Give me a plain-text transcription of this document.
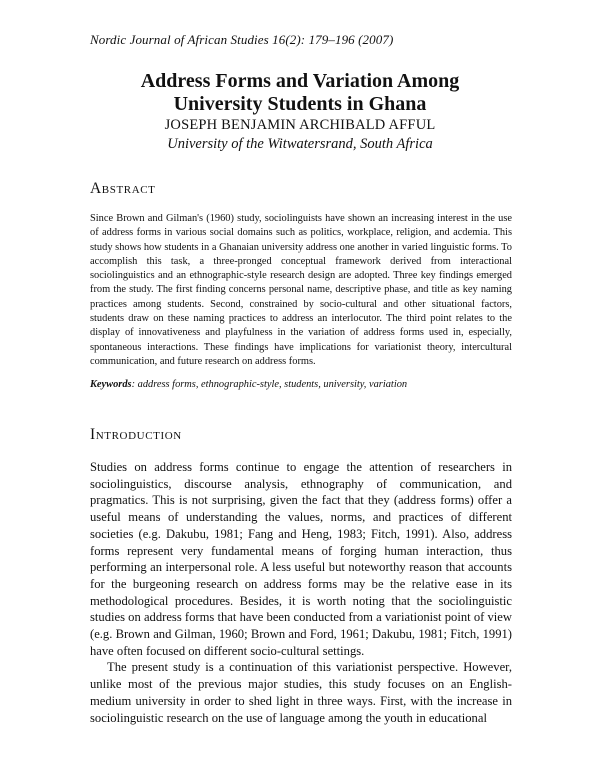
Nordic Journal of African Studies 16(2): 179–196 (2007)
Address Forms and Variation Among
University Students in Ghana
JOSEPH BENJAMIN ARCHIBALD AFFUL
University of the Witwatersrand, South Africa
Abstract
Since Brown and Gilman's (1960) study, sociolinguists have shown an increasing interest in the use of address forms in various social domains such as politics, workplace, religion, and acdemia. This study shows how students in a Ghanaian university address one another in varied linguistic forms. To accomplish this task, a three-pronged conceptual framework derived from interactional sociolinguistics and an ethnographic-style research design are adopted. Three key findings emerged from the study. The first finding concerns personal name, descriptive phase, and title as key naming practices among students. Second, constrained by socio-cultural and other situational factors, students draw on these naming practices to address an interlocutor. The third point relates to the display of innovativeness and playfulness in the variation of address forms used in, especially, spontaneous interactions. These findings have implications for variationist theory, intercultural communication, and future research on address forms.
Keywords: address forms, ethnographic-style, students, university, variation
Introduction

Studies on address forms continue to engage the attention of researchers in sociolinguistics, discourse analysis, ethnography of communication, and pragmatics. This is not surprising, given the fact that they (address forms) offer a useful means of understanding the values, norms, and practices of different societies (e.g. Dakubu, 1981; Fang and Heng, 1983; Fitch, 1991). Also, address forms represent very fundamental means of forging human interaction, thus performing an interpersonal role. A less useful but noteworthy reason that accounts for the burgeoning research on address forms may be the relative ease in its methodological procedures. Besides, it is worth noting that the sociolinguistic studies on address forms that have been conducted from a variationist point of view (e.g. Brown and Gilman, 1960; Brown and Ford, 1961; Dakubu, 1981; Fitch, 1991) have often focused on different socio-cultural settings.

The present study is a continuation of this variationist perspective. However, unlike most of the previous major studies, this study focuses on an English-medium university in order to shed light in three ways. First, with the increase in sociolinguistic research on the use of language among the youth in educational
